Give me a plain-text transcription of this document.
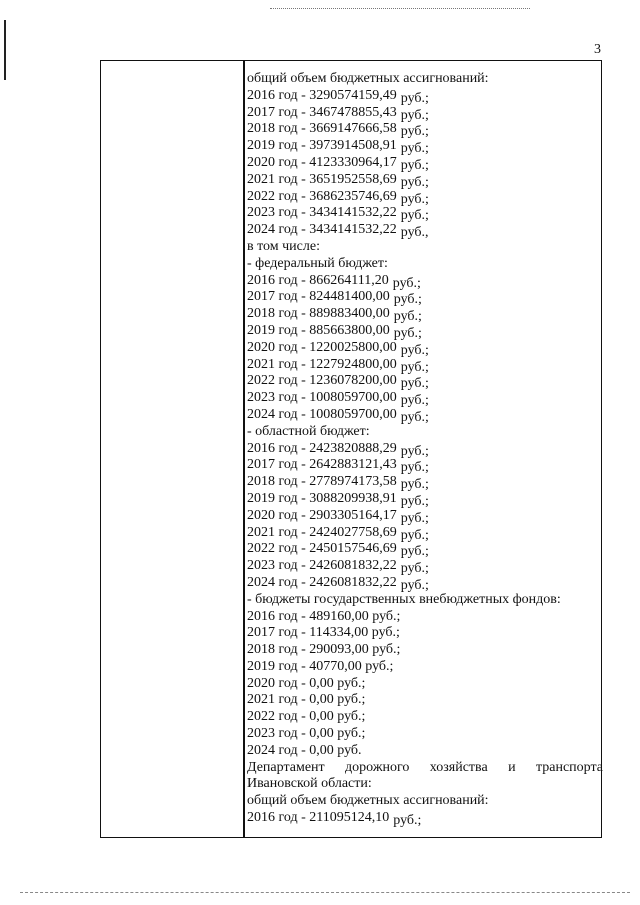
3
общий объем бюджетных ассигнований:
2016 год - 3290574159,49 руб.;
2017 год - 3467478855,43 руб.;
2018 год - 3669147666,58 руб.;
2019 год - 3973914508,91 руб.;
2020 год - 4123330964,17 руб.;
2021 год - 3651952558,69 руб.;
2022 год - 3686235746,69 руб.;
2023 год - 3434141532,22 руб.;
2024 год - 3434141532,22 руб.,
в том числе:
- федеральный бюджет:
2016 год - 866264111,20 руб.;
2017 год - 824481400,00 руб.;
2018 год - 889883400,00 руб.;
2019 год - 885663800,00 руб.;
2020 год - 1220025800,00 руб.;
2021 год - 1227924800,00 руб.;
2022 год - 1236078200,00 руб.;
2023 год - 1008059700,00 руб.;
2024 год - 1008059700,00 руб.;
- областной бюджет:
2016 год - 2423820888,29 руб.;
2017 год - 2642883121,43 руб.;
2018 год - 2778974173,58 руб.;
2019 год - 3088209938,91 руб.;
2020 год - 2903305164,17 руб.;
2021 год - 2424027758,69 руб.;
2022 год - 2450157546,69 руб.;
2023 год - 2426081832,22 руб.;
2024 год - 2426081832,22 руб.;
- бюджеты государственных внебюджетных фондов:
2016 год - 489160,00 руб.;
2017 год - 114334,00 руб.;
2018 год - 290093,00 руб.;
2019 год - 40770,00 руб.;
2020 год - 0,00 руб.;
2021 год - 0,00 руб.;
2022 год - 0,00 руб.;
2023 год - 0,00 руб.;
2024 год - 0,00 руб.
Департамент дорожного хозяйства и транспорта
Ивановской области:
общий объем бюджетных ассигнований:
2016 год - 211095124,10 руб.;
